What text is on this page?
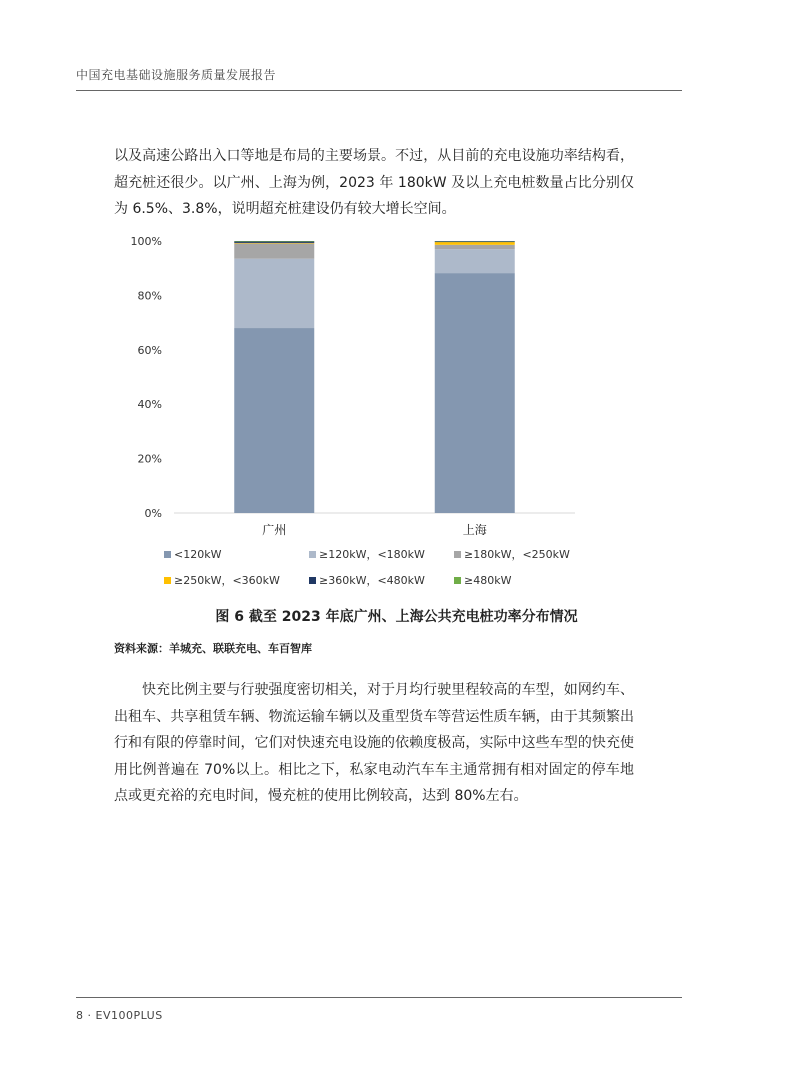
中国充电基础设施服务质量发展报告

以及高速公路出入口等地是布局的主要场景。不过，从目前的充电设施功率结构看，超充桩还很少。以广州、上海为例，2023 年 180kW 及以上充电桩数量占比分别仅为 6.5%、3.8%，说明超充桩建设仍有较大增长空间。

0%
20%
40%
60%
80%
100%
广州	上海
<120kW	≥120kW，<180kW	≥180kW，<250kW
≥250kW，<360kW	≥360kW，<480kW	≥480kW
图 6 截至 2023 年底广州、上海公共充电桩功率分布情况
资料来源：羊城充、联联充电、车百智库

快充比例主要与行驶强度密切相关，对于月均行驶里程较高的车型，如网约车、出租车、共享租赁车辆、物流运输车辆以及重型货车等营运性质车辆，由于其频繁出行和有限的停靠时间，它们对快速充电设施的依赖度极高，实际中这些车型的快充使用比例普遍在 70%以上。相比之下，私家电动汽车车主通常拥有相对固定的停车地点或更充裕的充电时间，慢充桩的使用比例较高，达到 80%左右。

8 · EV100PLUS
